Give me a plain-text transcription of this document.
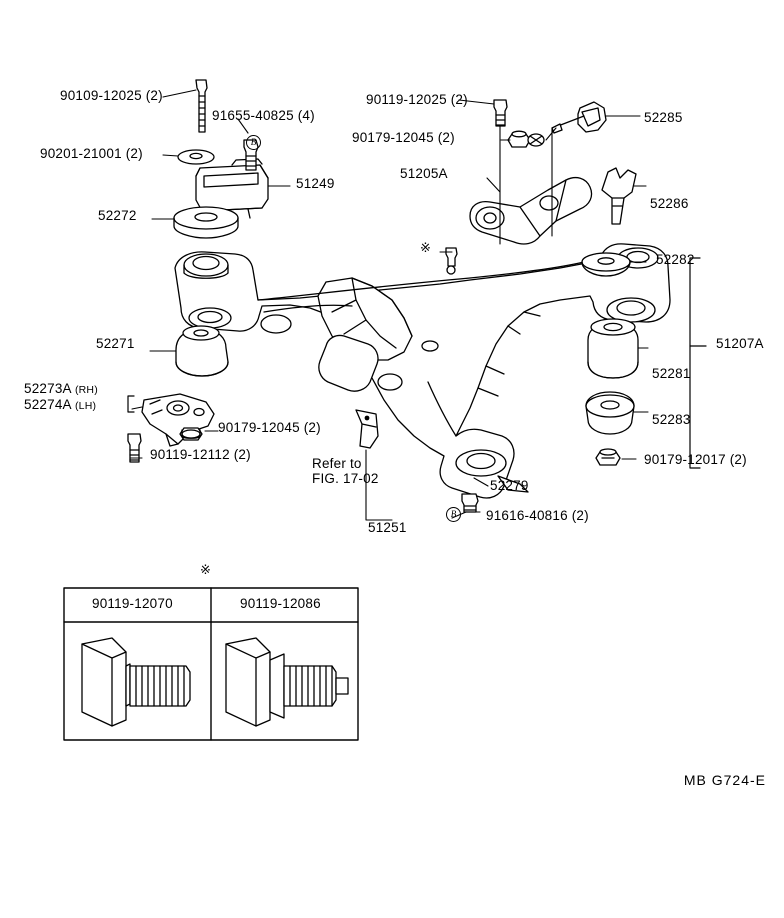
90109-12025 (2)
91655-40825 (4)
90201-21001 (2)
51249
52272
52271
52273A (RH)
52274A (LH)
90179-12045 (2)
90119-12112 (2)
Refer to
FIG. 17-02
51251
90119-12025 (2)
90179-12045 (2)
51205A
52285
52286
52282
51207A
52281
52283
90179-12017 (2)
52279
91616-40816 (2)
B
B
※
※
90119-12070	90119-12086
MB G724-E
